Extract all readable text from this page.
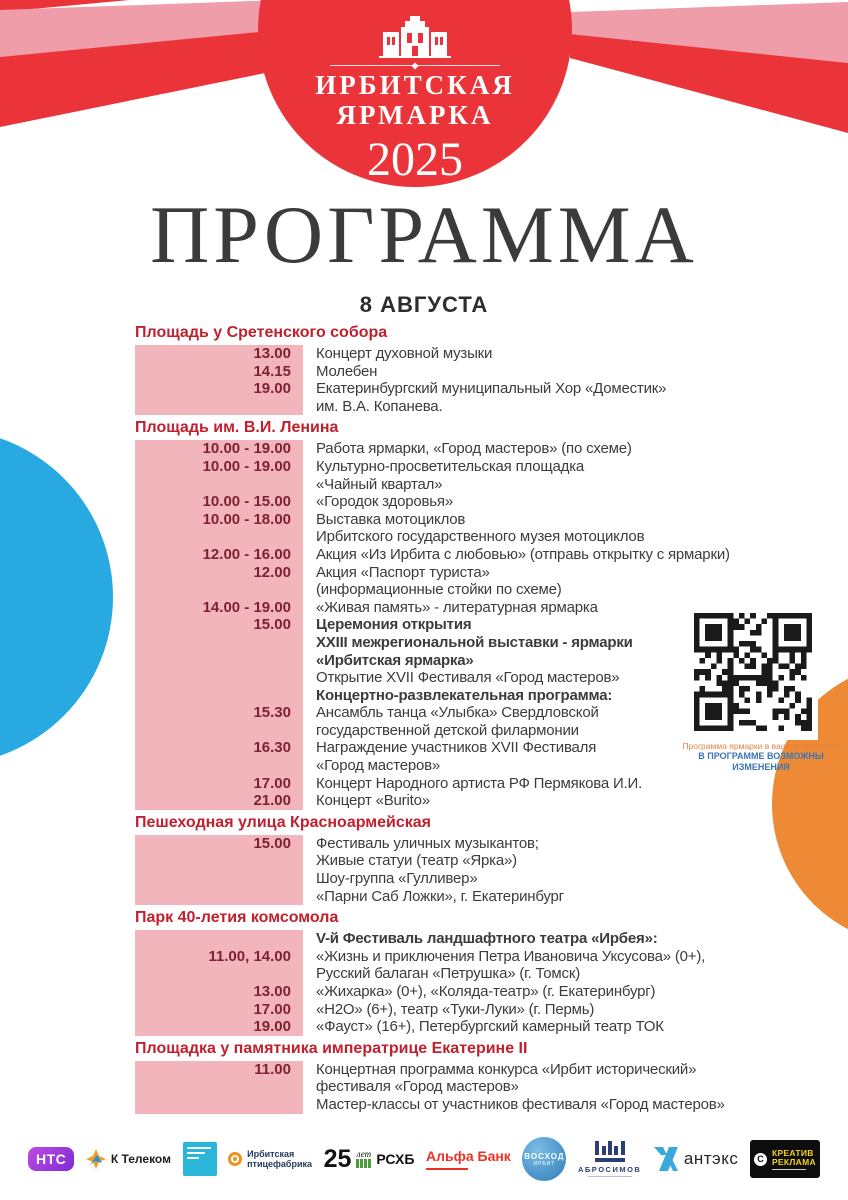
ИРБИТСКАЯ
ЯРМАРКА
2025
ПРОГРАММА
8 АВГУСТА
Площадь у Сретенского собора
13.00	Концерт духовной музыки
14.15	Молебен
19.00	Екатеринбургский муниципальный Хор «Доместик»
им. В.А. Копанева.
Площадь им. В.И. Ленина
10.00 - 19.00	Работа ярмарки, «Город мастеров» (по схеме)
10.00 - 19.00	Культурно-просветительская площадка
«Чайный квартал»
10.00 - 15.00	«Городок здоровья»
10.00 - 18.00	Выставка мотоциклов
Ирбитского государственного музея мотоциклов
12.00 - 16.00	Акция «Из Ирбита с любовью» (отправь открытку с ярмарки)
12.00	Акция «Паспорт туриста»
(информационные стойки по схеме)
14.00 - 19.00	«Живая память» - литературная ярмарка
15.00	Церемония открытия
XXIII межрегиональной выставки - ярмарки
«Ирбитская ярмарка»
Открытие XVII Фестиваля «Город мастеров»
Концертно-развлекательная программа:
15.30	Ансамбль танца «Улыбка» Свердловской
государственной детской филармонии
16.30	Награждение участников XVII Фестиваля
«Город мастеров»
17.00	Концерт Народного артиста РФ Пермякова И.И.
21.00	Концерт «Burito»
Пешеходная улица Красноармейская
15.00	Фестиваль уличных музыкантов;
Живые статуи (театр «Ярка»)
Шоу-группа «Гулливер»
«Парни Саб Ложки», г. Екатеринбург
Парк 40-летия комсомола
V-й Фестиваль ландшафтного театра «Ирбея»:
11.00, 14.00	«Жизнь и приключения Петра Ивановича Уксусова» (0+),
Русский балаган «Петрушка» (г. Томск)
13.00	«Жихарка» (0+), «Коляда-театр» (г. Екатеринбург)
17.00	«Н2О» (6+), театр «Туки-Луки» (г. Пермь)
19.00	«Фауст» (16+), Петербургский камерный театр ТОК
Площадка у памятника императрице Екатерине II
11.00	Концертная программа конкурса «Ирбит исторический»
фестиваля «Город мастеров»
Мастер-классы от участников фестиваля «Город мастеров»
Программа ярмарки в вашем телефоне
В ПРОГРАММЕ ВОЗМОЖНЫ ИЗМЕНЕНИЯ
НТС	К Телеком	Ирбитская
птицефабрика 25 лет РСХБ Альфа Банк ВОСХОД
ИРБИТ
АБРОСИМОВ
антэкс	C
КРЕАТИВ
РЕКЛАМА
